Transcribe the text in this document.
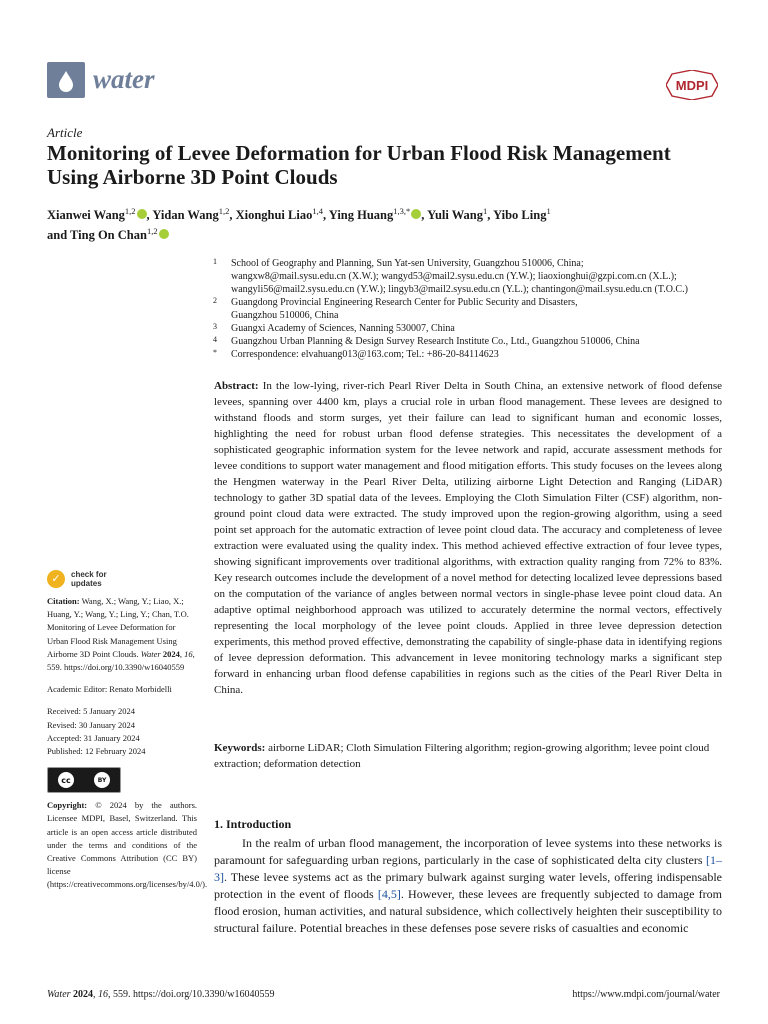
water	MDPI
Article
Monitoring of Levee Deformation for Urban Flood Risk Management Using Airborne 3D Point Clouds
Xianwei Wang$^{1,2}$ , Yidan Wang$^{1,2}$, Xionghui Liao$^{1,4}$, Ying Huang$^{1,3,*}$ , Yuli Wang$^1$, Yibo Ling$^1$
and Ting On Chan$^{1,2}$
1 School of Geography and Planning, Sun Yat-sen University, Guangzhou 510006, China;
wangxw8@mail.sysu.edu.cn (X.W.); wangyd53@mail2.sysu.edu.cn (Y.W.); liaoxionghui@gzpi.com.cn (X.L.);
wangyli56@mail2.sysu.edu.cn (Y.W.); lingyb3@mail2.sysu.edu.cn (Y.L.); chantingon@mail.sysu.edu.cn (T.O.C.)
2 Guangdong Provincial Engineering Research Center for Public Security and Disasters,
Guangzhou 510006, China
3 Guangxi Academy of Sciences, Nanning 530007, China
4 Guangzhou Urban Planning & Design Survey Research Institute Co., Ltd., Guangzhou 510006, China
* Correspondence: elvahuang013@163.com; Tel.: +86-20-84114623
✓	check for
updates
Citation: Wang, X.; Wang, Y.; Liao, X.; Huang, Y.; Wang, Y.; Ling, Y.; Chan, T.O. Monitoring of Levee Deformation for Urban Flood Risk Management Using Airborne 3D Point Clouds. Water 2024, 16, 559. https://doi.org/10.3390/w16040559
Academic Editor: Renato Morbidelli
Received: 5 January 2024
Revised: 30 January 2024
Accepted: 31 January 2024
Published: 12 February 2024
cc	BY
Copyright: © 2024 by the authors. Licensee MDPI, Basel, Switzerland. This article is an open access article distributed under the terms and conditions of the Creative Commons Attribution (CC BY) license (https://creativecommons.org/licenses/by/4.0/).

Abstract: In the low-lying, river-rich Pearl River Delta in South China, an extensive network of flood defense levees, spanning over 4400 km, plays a crucial role in urban flood management. These levees are designed to withstand floods and storm surges, yet their failure can lead to significant human and economic losses, highlighting the need for robust urban flood defense strategies. This necessitates the development of a sophisticated geographic information system for the levee network and rapid, accurate assessment methods for levee conditions to support water management and flood mitigation efforts. This study focuses on the levees along the Hengmen waterway in the Pearl River Delta, utilizing airborne Light Detection and Ranging (LiDAR) technology to gather 3D spatial data of the levees. Employing the Cloth Simulation Filter (CSF) algorithm, non-ground point cloud data were extracted. The study improved upon the region-growing algorithm, using a seed point set approach for the automatic extraction of levee point cloud data. The accuracy and completeness of levee extraction were evaluated using the quality index. This method achieved effective extraction of four levee types, showing significant improvements over traditional algorithms, with extraction quality ranging from 72% to 83%. Key research outcomes include the development of a novel method for detecting localized levee depressions based on the computation of the variance of angles between normal vectors in single-phase levee point cloud data. An adaptive optimal neighborhood approach was utilized to accurately determine the normal vectors, effectively representing the local morphology of the levee point clouds. Applied in three levee depression detection experiments, this method proved effective, demonstrating the capability of single-phase data in identifying regions of levee depression deformation. This advancement in levee monitoring technology marks a significant step forward in enhancing urban flood defense capabilities in regions such as the cities of the Pearl River Delta in China.

Keywords: airborne LiDAR; Cloth Simulation Filtering algorithm; region-growing algorithm; levee point cloud extraction; deformation detection

1. Introduction

In the realm of urban flood management, the incorporation of levee systems into these networks is paramount for safeguarding urban regions, particularly in the case of sophisticated delta city clusters [1–3]. These levee systems act as the primary bulwark against surging water levels, offering indispensable protection in the event of floods [4,5]. However, these levees are frequently subjected to damage from flood erosion, human activities, and natural subsidence, which collectively heighten their susceptibility to structural failure. Potential breaches in these defenses pose severe risks of casualties and economic

Water 2024, 16, 559. https://doi.org/10.3390/w16040559	https://www.mdpi.com/journal/water
